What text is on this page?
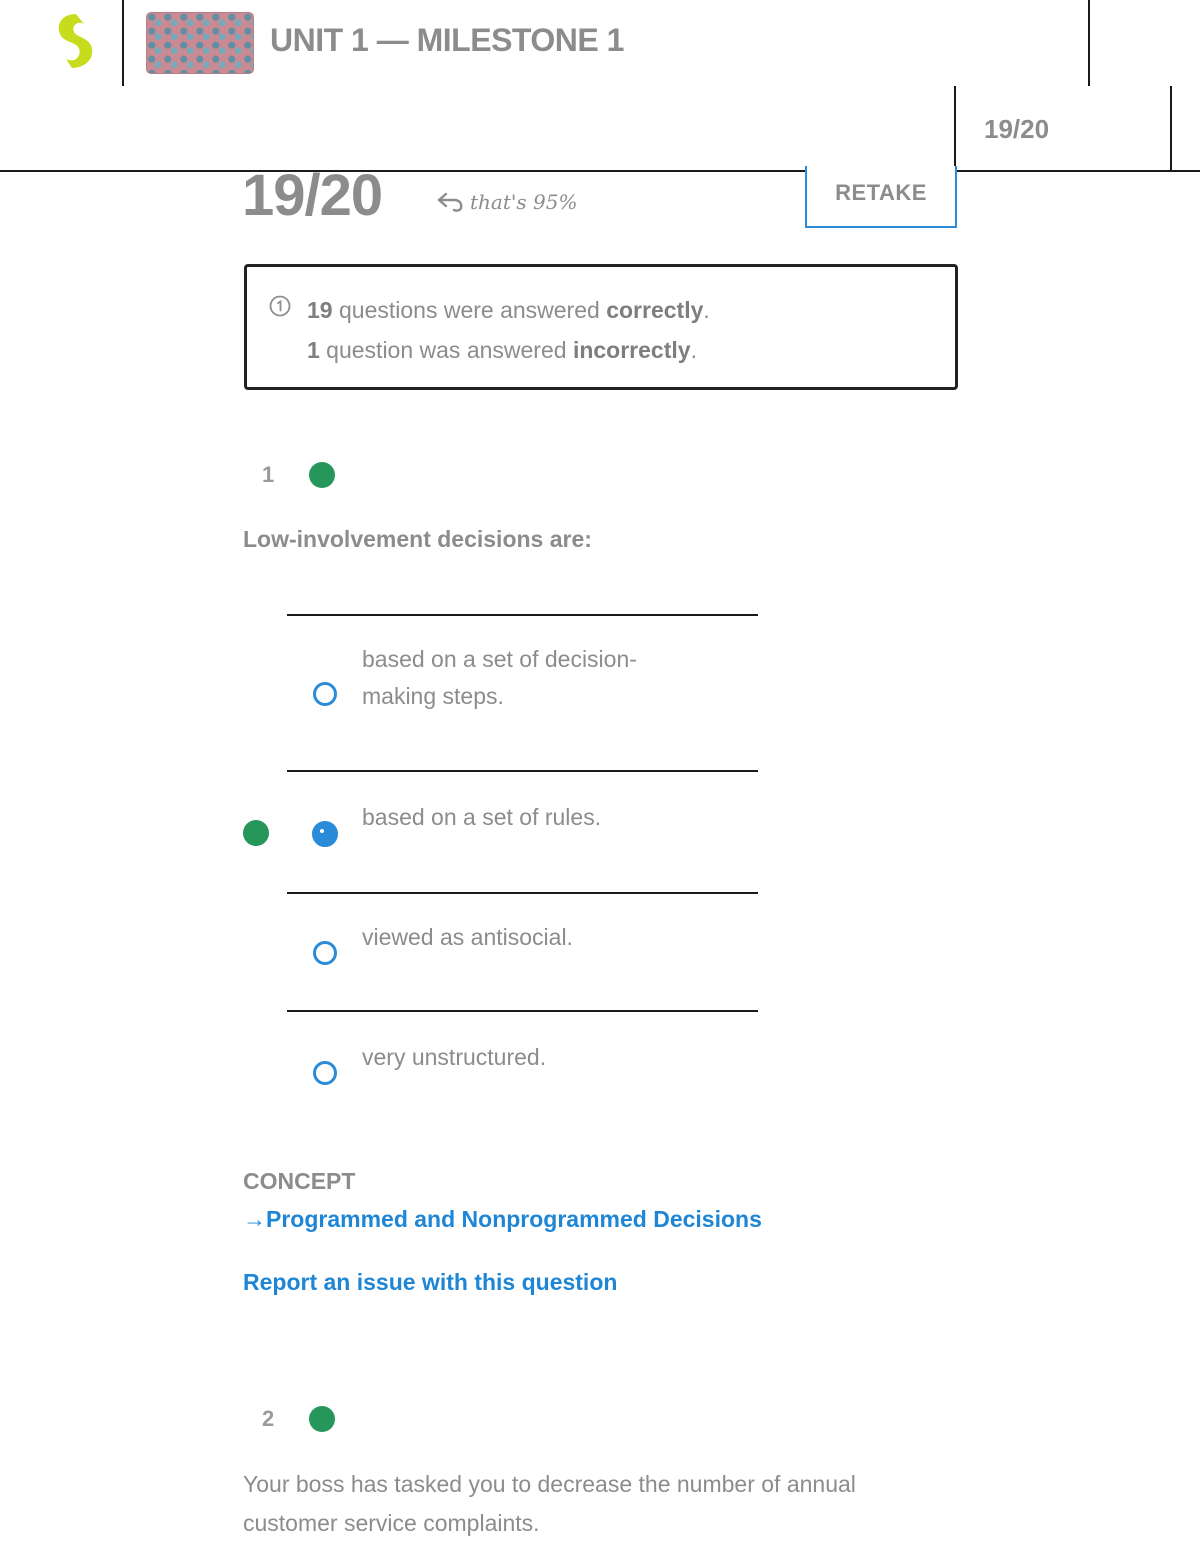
UNIT 1 — MILESTONE 1
19/20
19/20	that's 95%	RETAKE
19 questions were answered correctly.
1 question was answered incorrectly.
1
Low-involvement decisions are:
based on a set of decision-making steps.
based on a set of rules.
viewed as antisocial.
very unstructured.
CONCEPT
→Programmed and Nonprogrammed Decisions
Report an issue with this question
2
Your boss has tasked you to decrease the number of annual customer service complaints.
